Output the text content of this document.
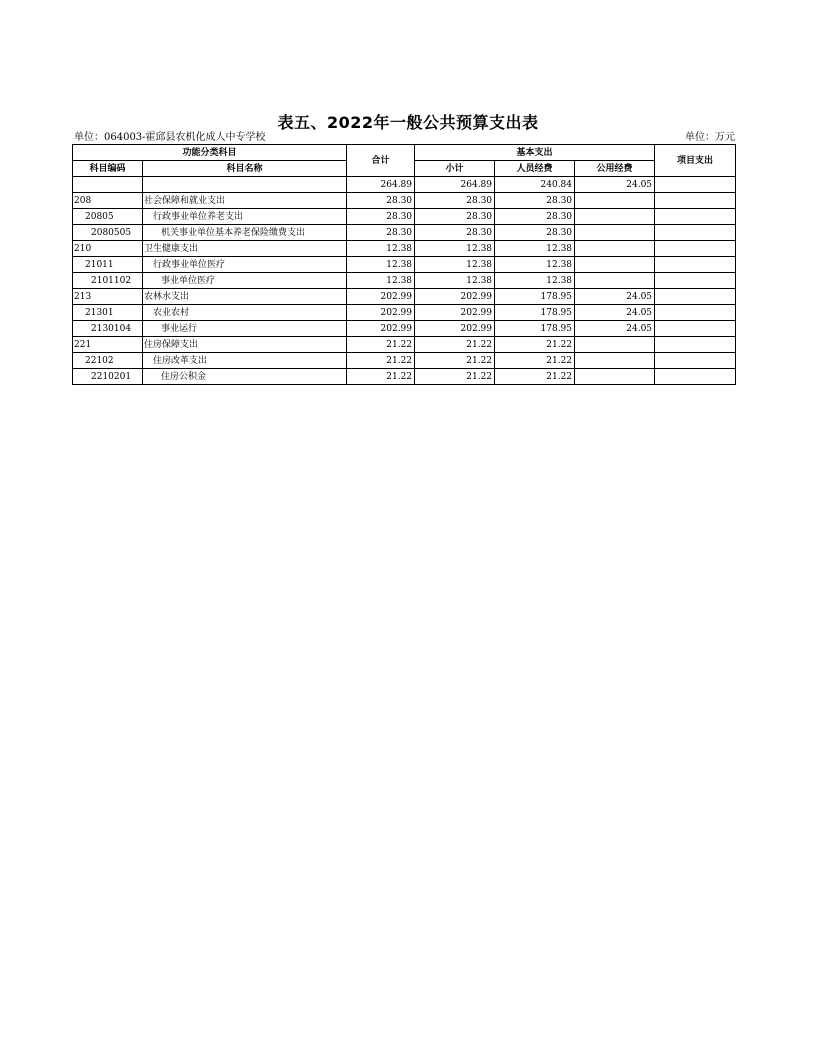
表五、2022年一般公共预算支出表
单位：064003-霍邱县农机化成人中专学校	单位：万元
功能分类科目		合计	基本支出			项目支出
科目编码	科目名称		小计	人员经费	公用经费	
		264.89	264.89	240.84	24.05	
208	社会保障和就业支出	28.30	28.30	28.30		
20805	行政事业单位养老支出	28.30	28.30	28.30		
2080505	机关事业单位基本养老保险缴费支出	28.30	28.30	28.30		
210	卫生健康支出	12.38	12.38	12.38		
21011	行政事业单位医疗	12.38	12.38	12.38		
2101102	事业单位医疗	12.38	12.38	12.38		
213	农林水支出	202.99	202.99	178.95	24.05	
21301	农业农村	202.99	202.99	178.95	24.05	
2130104	事业运行	202.99	202.99	178.95	24.05	
221	住房保障支出	21.22	21.22	21.22		
22102	住房改革支出	21.22	21.22	21.22		
2210201	住房公积金	21.22	21.22	21.22		
